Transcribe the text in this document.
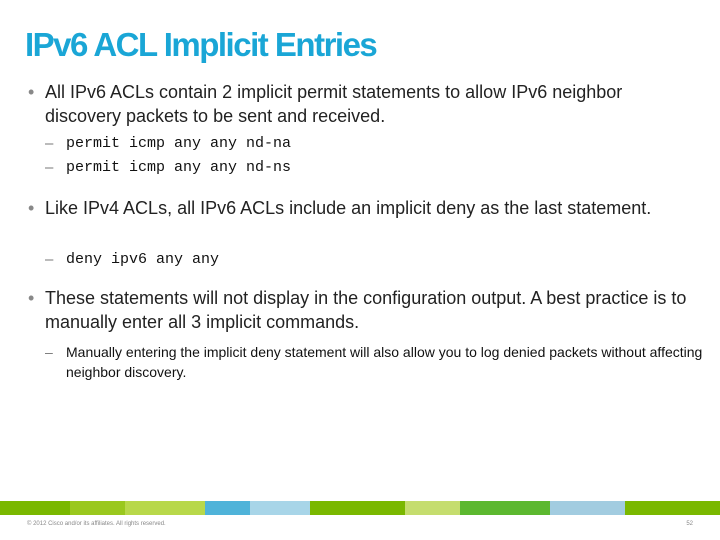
IPv6 ACL Implicit Entries
• All IPv6 ACLs contain 2 implicit permit statements to allow IPv6 neighbor discovery packets to be sent and received.
– permit icmp any any nd-na
– permit icmp any any nd-ns
• Like IPv4 ACLs, all IPv6 ACLs include an implicit deny as the last statement.
– deny ipv6 any any
• These statements will not display in the configuration output. A best practice is to manually enter all 3 implicit commands.
– Manually entering the implicit deny statement will also allow you to log denied packets without affecting neighbor discovery.
© 2012 Cisco and/or its affiliates. All rights reserved.	52
